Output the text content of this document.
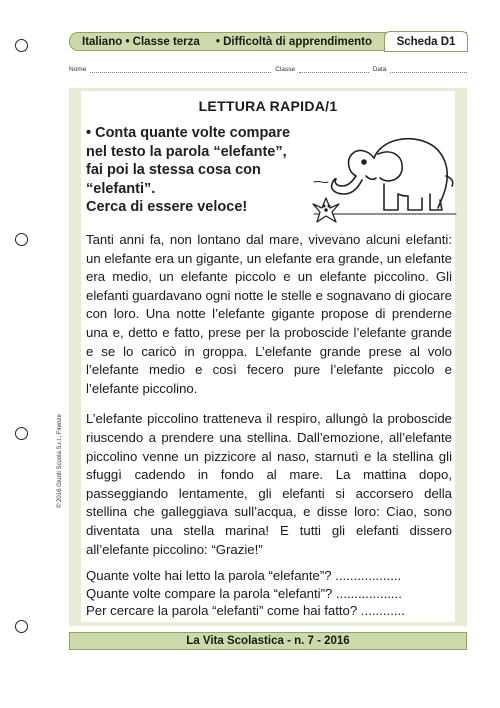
Italiano • Classe terza	• Difficoltà di apprendimento	Scheda D1
Nome	Classe	Data
LETTURA RAPIDA/1

• Conta quante volte compare

nel testo la parola “elefante”,

fai poi la stessa cosa con

“elefanti”.

Cerca di essere veloce!

Tanti anni fa, non lontano dal mare, vivevano alcuni elefanti: un elefante era un gigante, un elefante era grande, un elefante era medio, un elefante piccolo e un elefante piccolino. Gli elefanti guardavano ogni notte le stelle e sognavano di giocare con loro. Una notte l’elefante gigante propose di prenderne una e, detto e fatto, prese per la proboscide l’elefante grande e se lo caricò in groppa. L’elefante grande prese al volo l’elefante medio e così fecero pure l’elefante piccolo e l’elefante piccolino.

L’elefante piccolino tratteneva il respiro, allungò la proboscide riuscendo a prendere una stellina. Dall’emozione, all’elefante piccolino venne un pizzicore al naso, starnutì e la stellina gli sfuggì cadendo in fondo al mare. La mattina dopo, passeggiando lentamente, gli elefanti si accorsero della stellina che galleggiava sull’acqua, e disse loro: Ciao, sono diventata una stella marina! E tutti gli elefanti dissero all’elefante piccolino: “Grazie!”

Quante volte hai letto la parola “elefante”? ..................
Quante volte compare la parola “elefanti”? ..................
Per cercare la parola “elefanti” come hai fatto? ............
© 2016 Giunti Scuola S.r.l., Firenze
La Vita Scolastica - n. 7 - 2016
